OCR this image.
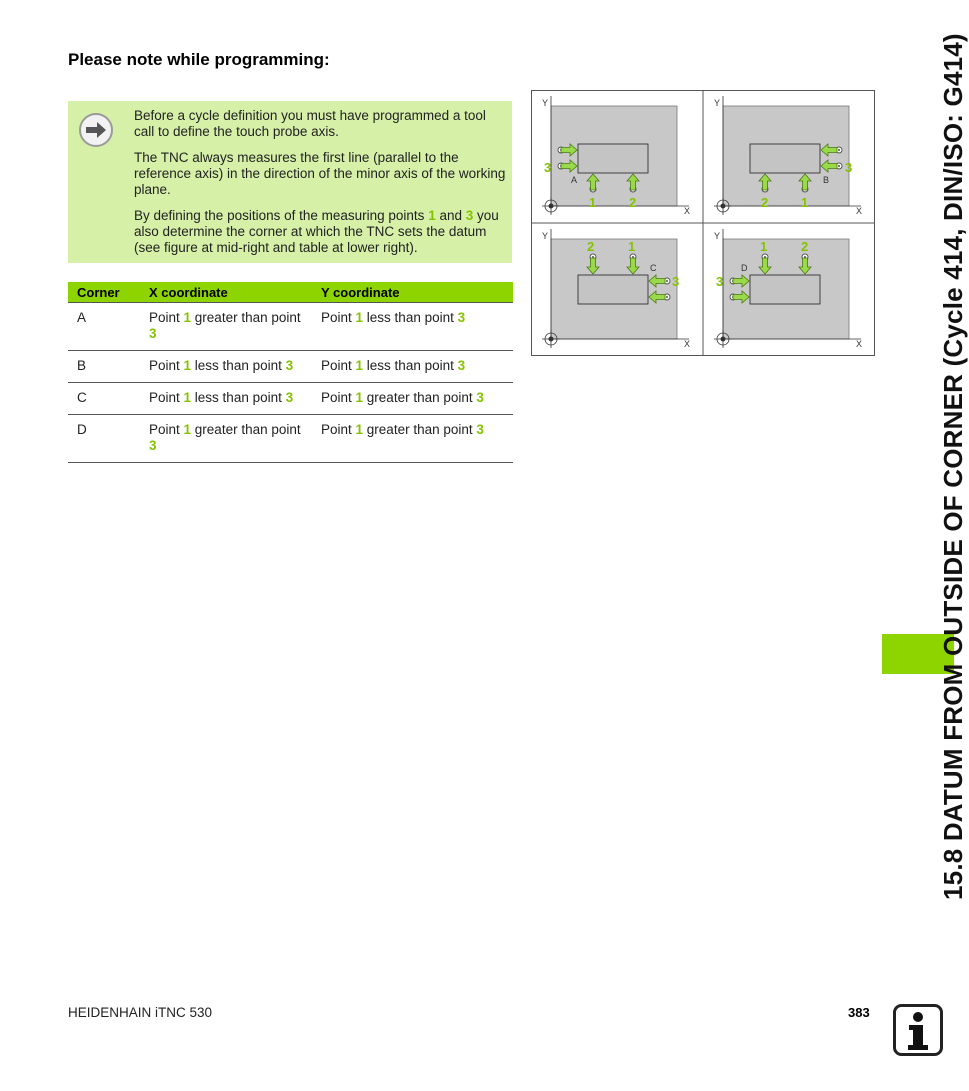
Please note while programming:

Before a cycle definition you must have programmed a tool call to define the touch probe axis.

The TNC always measures the first line (parallel to the reference axis) in the direction of the minor axis of the working plane.

By defining the positions of the measuring points 1 and 3 you also determine the corner at which the TNC sets the datum (see figure at mid-right and table at lower right).

Corner	X coordinate	Y coordinate
A	Point 1 greater than point 3	Point 1 less than point 3
B	Point 1 less than point 3	Point 1 less than point 3
C	Point 1 less than point 3	Point 1 greater than point 3
D	Point 1 greater than point 3	Point 1 greater than point 3
Y
X
3
1	2
A
Y
X
3
2	1
B
Y
X
2	1
3
C
Y
X
1	2
3
D	15.8 DATUM FROM OUTSIDE OF CORNER (Cycle 414, DIN/ISO: G414)
HEIDENHAIN iTNC 530	383
